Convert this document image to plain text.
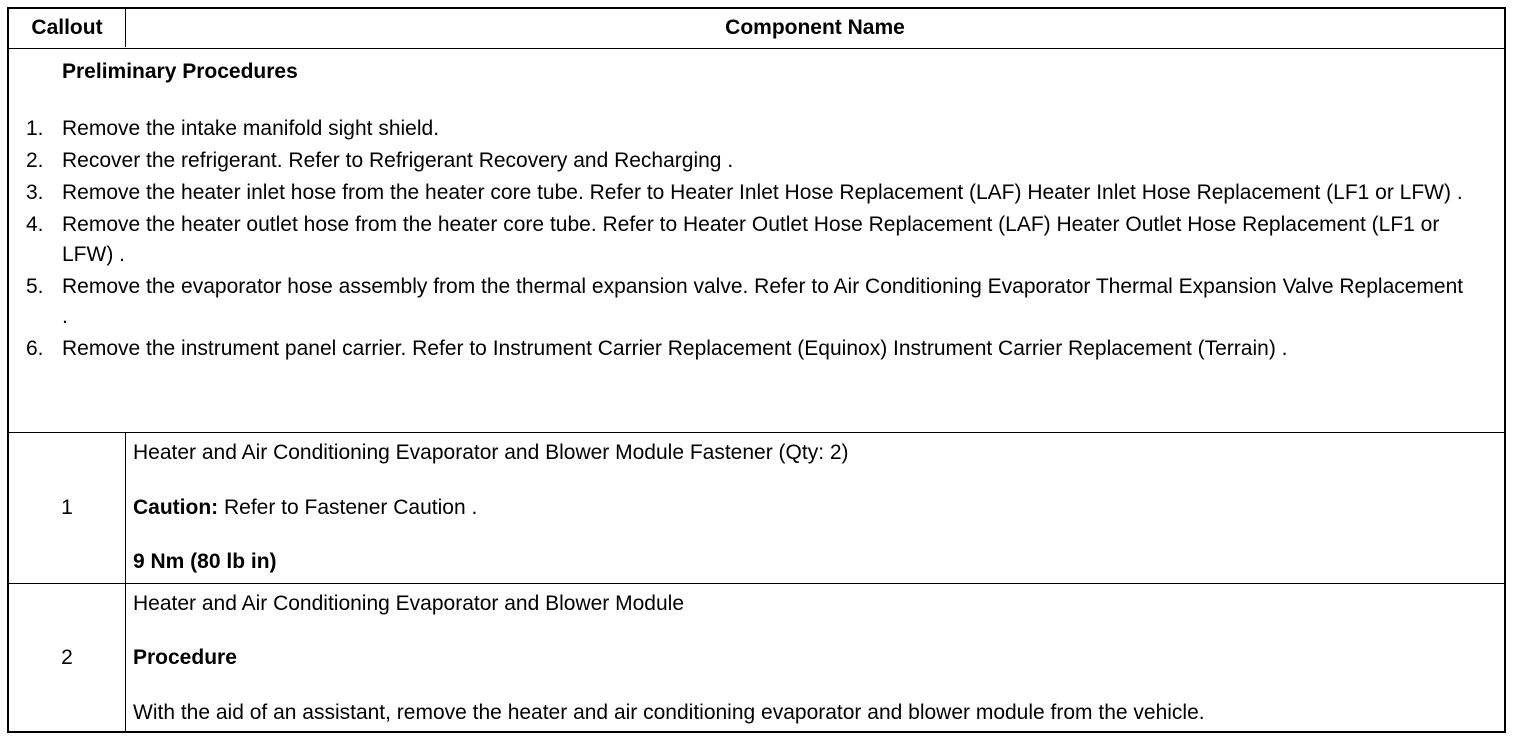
Callout	Component Name
Preliminary Procedures
1. Remove the intake manifold sight shield.
2. Recover the refrigerant. Refer to Refrigerant Recovery and Recharging .
3. Remove the heater inlet hose from the heater core tube. Refer to Heater Inlet Hose Replacement (LAF) Heater Inlet Hose Replacement (LF1 or LFW) .
4. Remove the heater outlet hose from the heater core tube. Refer to Heater Outlet Hose Replacement (LAF) Heater Outlet Hose Replacement (LF1 or LFW) .
5. Remove the evaporator hose assembly from the thermal expansion valve. Refer to Air Conditioning Evaporator Thermal Expansion Valve Replacement .
6. Remove the instrument panel carrier. Refer to Instrument Carrier Replacement (Equinox) Instrument Carrier Replacement (Terrain) .
1
Heater and Air Conditioning Evaporator and Blower Module Fastener (Qty: 2)
Caution: Refer to Fastener Caution .
9 Nm (80 lb in)
2
Heater and Air Conditioning Evaporator and Blower Module
Procedure
With the aid of an assistant, remove the heater and air conditioning evaporator and blower module from the vehicle.
